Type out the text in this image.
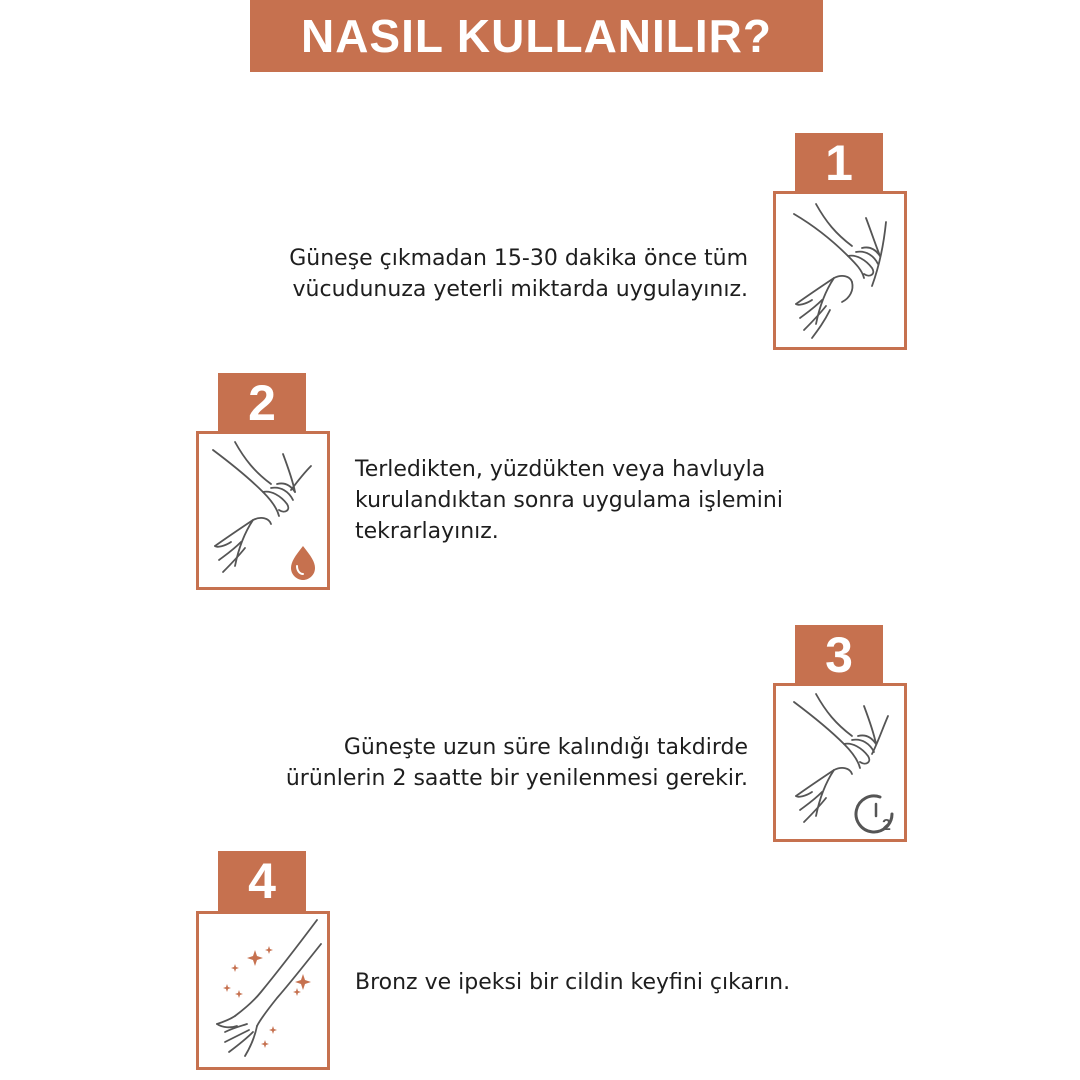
NASIL KULLANILIR?
1
Güneşe çıkmadan 15-30 dakika önce tüm
vücudunuza yeterli miktarda uygulayınız.
2
Terledikten, yüzdükten veya havluyla
kurulandıktan sonra uygulama işlemini
tekrarlayınız.
3
2
Güneşte uzun süre kalındığı takdirde
ürünlerin 2 saatte bir yenilenmesi gerekir.
4
Bronz ve ipeksi bir cildin keyfini çıkarın.
